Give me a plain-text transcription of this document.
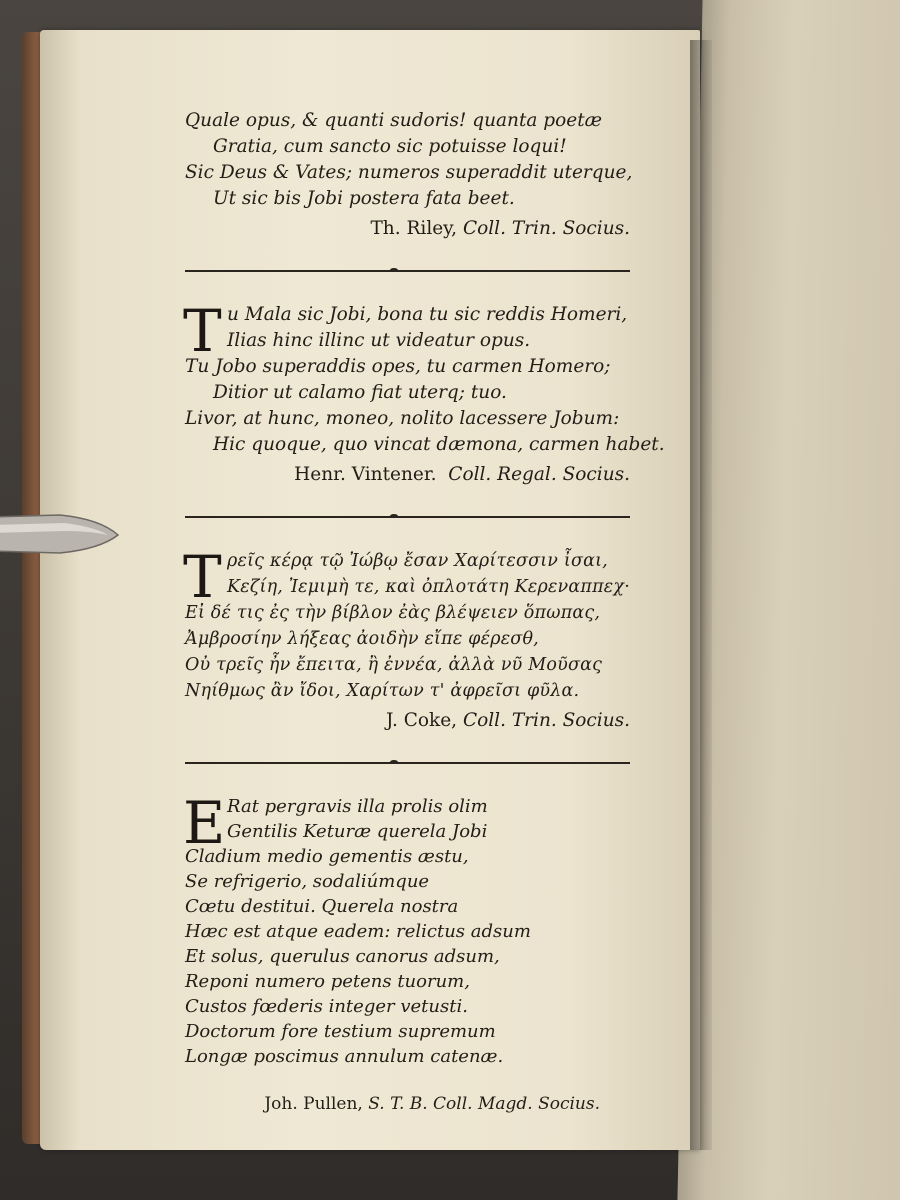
Quale opus, & quanti sudoris! quanta poetæ
Gratia, cum sancto sic potuisse loqui!
Sic Deus & Vates; numeros superaddit uterque,
Ut sic bis Jobi postera fata beet.
Th. Riley, Coll. Trin. Socius.
T u Mala sic Jobi, bona tu sic reddis Homeri,
Ilias hinc illinc ut videatur opus.
Tu Jobo superaddis opes, tu carmen Homero;
Ditior ut calamo fiat uterq; tuo.
Livor, at hunc, moneo, nolito lacessere Jobum:
Hic quoque, quo vincat dæmona, carmen habet.
Henr. Vintener. Coll. Regal. Socius.
T ρεῖς κέρᾳ τῷ Ἰώβῳ ἔσαν Χαρίτεσσιν ἶσαι,
Κεζίη, Ἰεμιμὴ τε, καὶ ὀπλοτάτη Κερεναππεχ·
Εἰ δέ τις ἐς τὴν βίβλον ἐὰς βλέψειεν ὅπωπας,
Ἀμβροσίην λήξεας ἀοιδὴν εἴπε φέρεσθ,
Οὐ τρεῖς ἦν ἔπειτα, ἢ ἐννέα, ἀλλὰ νῦ Μοῦσας
Νηίθμως ἂν ἴδοι, Χαρίτων τ' ἀφρεῖσι φῦλα.
J. Coke, Coll. Trin. Socius.
E Rat pergravis illa prolis olim
Gentilis Keturæ querela Jobi
Cladium medio gementis æstu,
Se refrigerio, sodaliúmque
Cœtu destitui. Querela nostra
Hæc est atque eadem: relictus adsum
Et solus, querulus canorus adsum,
Reponi numero petens tuorum,
Custos fœderis integer vetusti.
Doctorum fore testium supremum
Longæ poscimus annulum catenæ.
Joh. Pullen, S. T. B. Coll. Magd. Socius.
